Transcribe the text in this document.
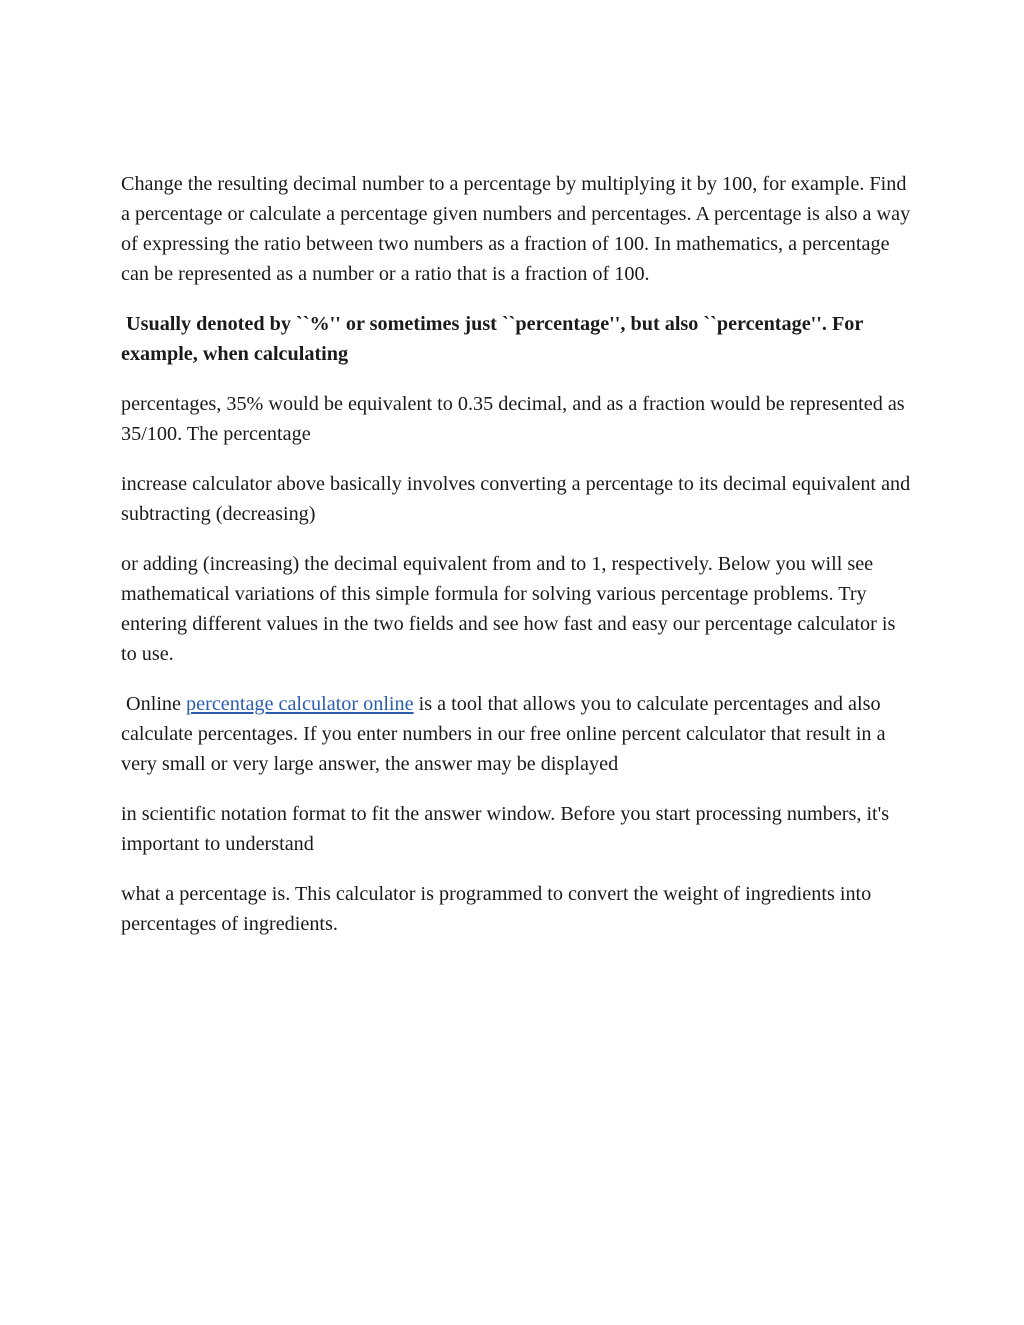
Change the resulting decimal number to a percentage by multiplying it by 100, for example. Find a percentage or calculate a percentage given numbers and percentages. A percentage is also a way of expressing the ratio between two numbers as a fraction of 100. In mathematics, a percentage can be represented as a number or a ratio that is a fraction of 100.

Usually denoted by ``%'' or sometimes just ``percentage'', but also ``percentage''. For example, when calculating

percentages, 35% would be equivalent to 0.35 decimal, and as a fraction would be represented as 35/100. The percentage

increase calculator above basically involves converting a percentage to its decimal equivalent and subtracting (decreasing)

or adding (increasing) the decimal equivalent from and to 1, respectively. Below you will see mathematical variations of this simple formula for solving various percentage problems. Try entering different values in the two fields and see how fast and easy our percentage calculator is to use.

Online percentage calculator online is a tool that allows you to calculate percentages and also calculate percentages. If you enter numbers in our free online percent calculator that result in a very small or very large answer, the answer may be displayed

in scientific notation format to fit the answer window. Before you start processing numbers, it's important to understand

what a percentage is. This calculator is programmed to convert the weight of ingredients into percentages of ingredients.
